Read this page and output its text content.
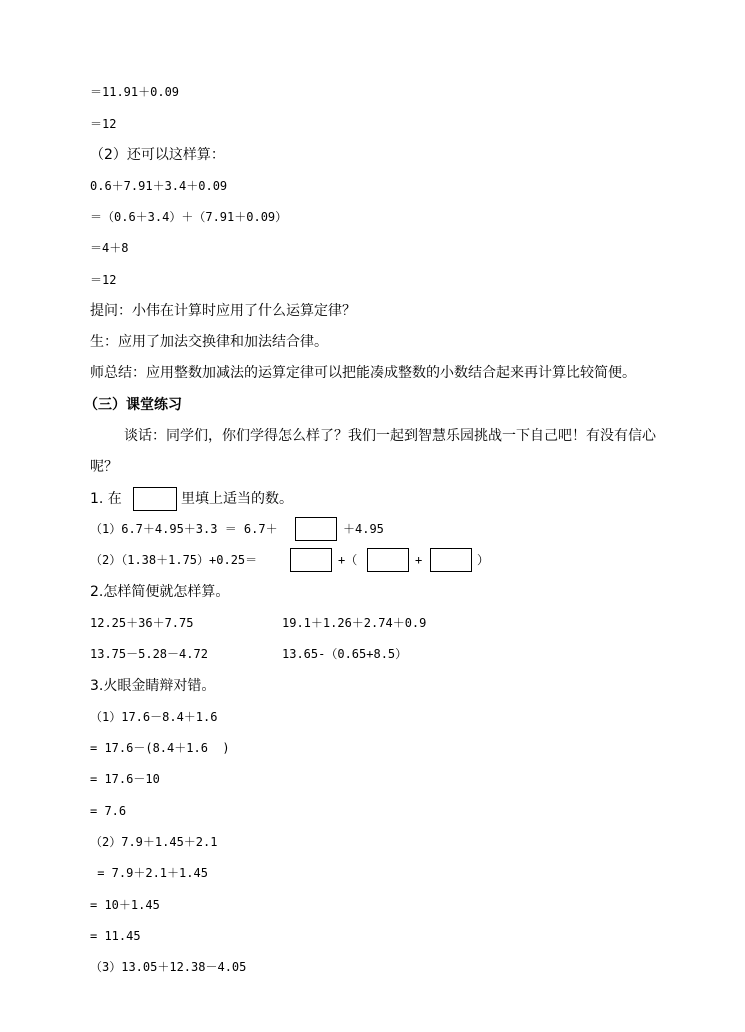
＝11.91＋0.09
＝12
（2）还可以这样算：
0.6＋7.91＋3.4＋0.09
＝（0.6＋3.4）＋（7.91＋0.09）
＝4＋8
＝12
提问：小伟在计算时应用了什么运算定律？
生：应用了加法交换律和加法结合律。
师总结：应用整数加减法的运算定律可以把能凑成整数的小数结合起来再计算比较简便。
（三）课堂练习
谈话：同学们，你们学得怎么样了？我们一起到智慧乐园挑战一下自己吧！有没有信心
呢？
1. 在	里填上适当的数。
（1）6.7＋4.95＋3.3 ＝ 6.7＋	＋4.95
（2）（1.38＋1.75）+0.25＝	+（	+	）
2.怎样简便就怎样算。
12.25＋36＋7.75	19.1＋1.26＋2.74＋0.9
13.75－5.28－4.72	13.65-（0.65+8.5）
3.火眼金睛辩对错。
（1）17.6－8.4＋1.6
= 17.6－(8.4＋1.6  )
= 17.6－10
= 7.6
（2）7.9＋1.45＋2.1
= 7.9＋2.1＋1.45
= 10＋1.45
= 11.45
（3）13.05＋12.38－4.05
